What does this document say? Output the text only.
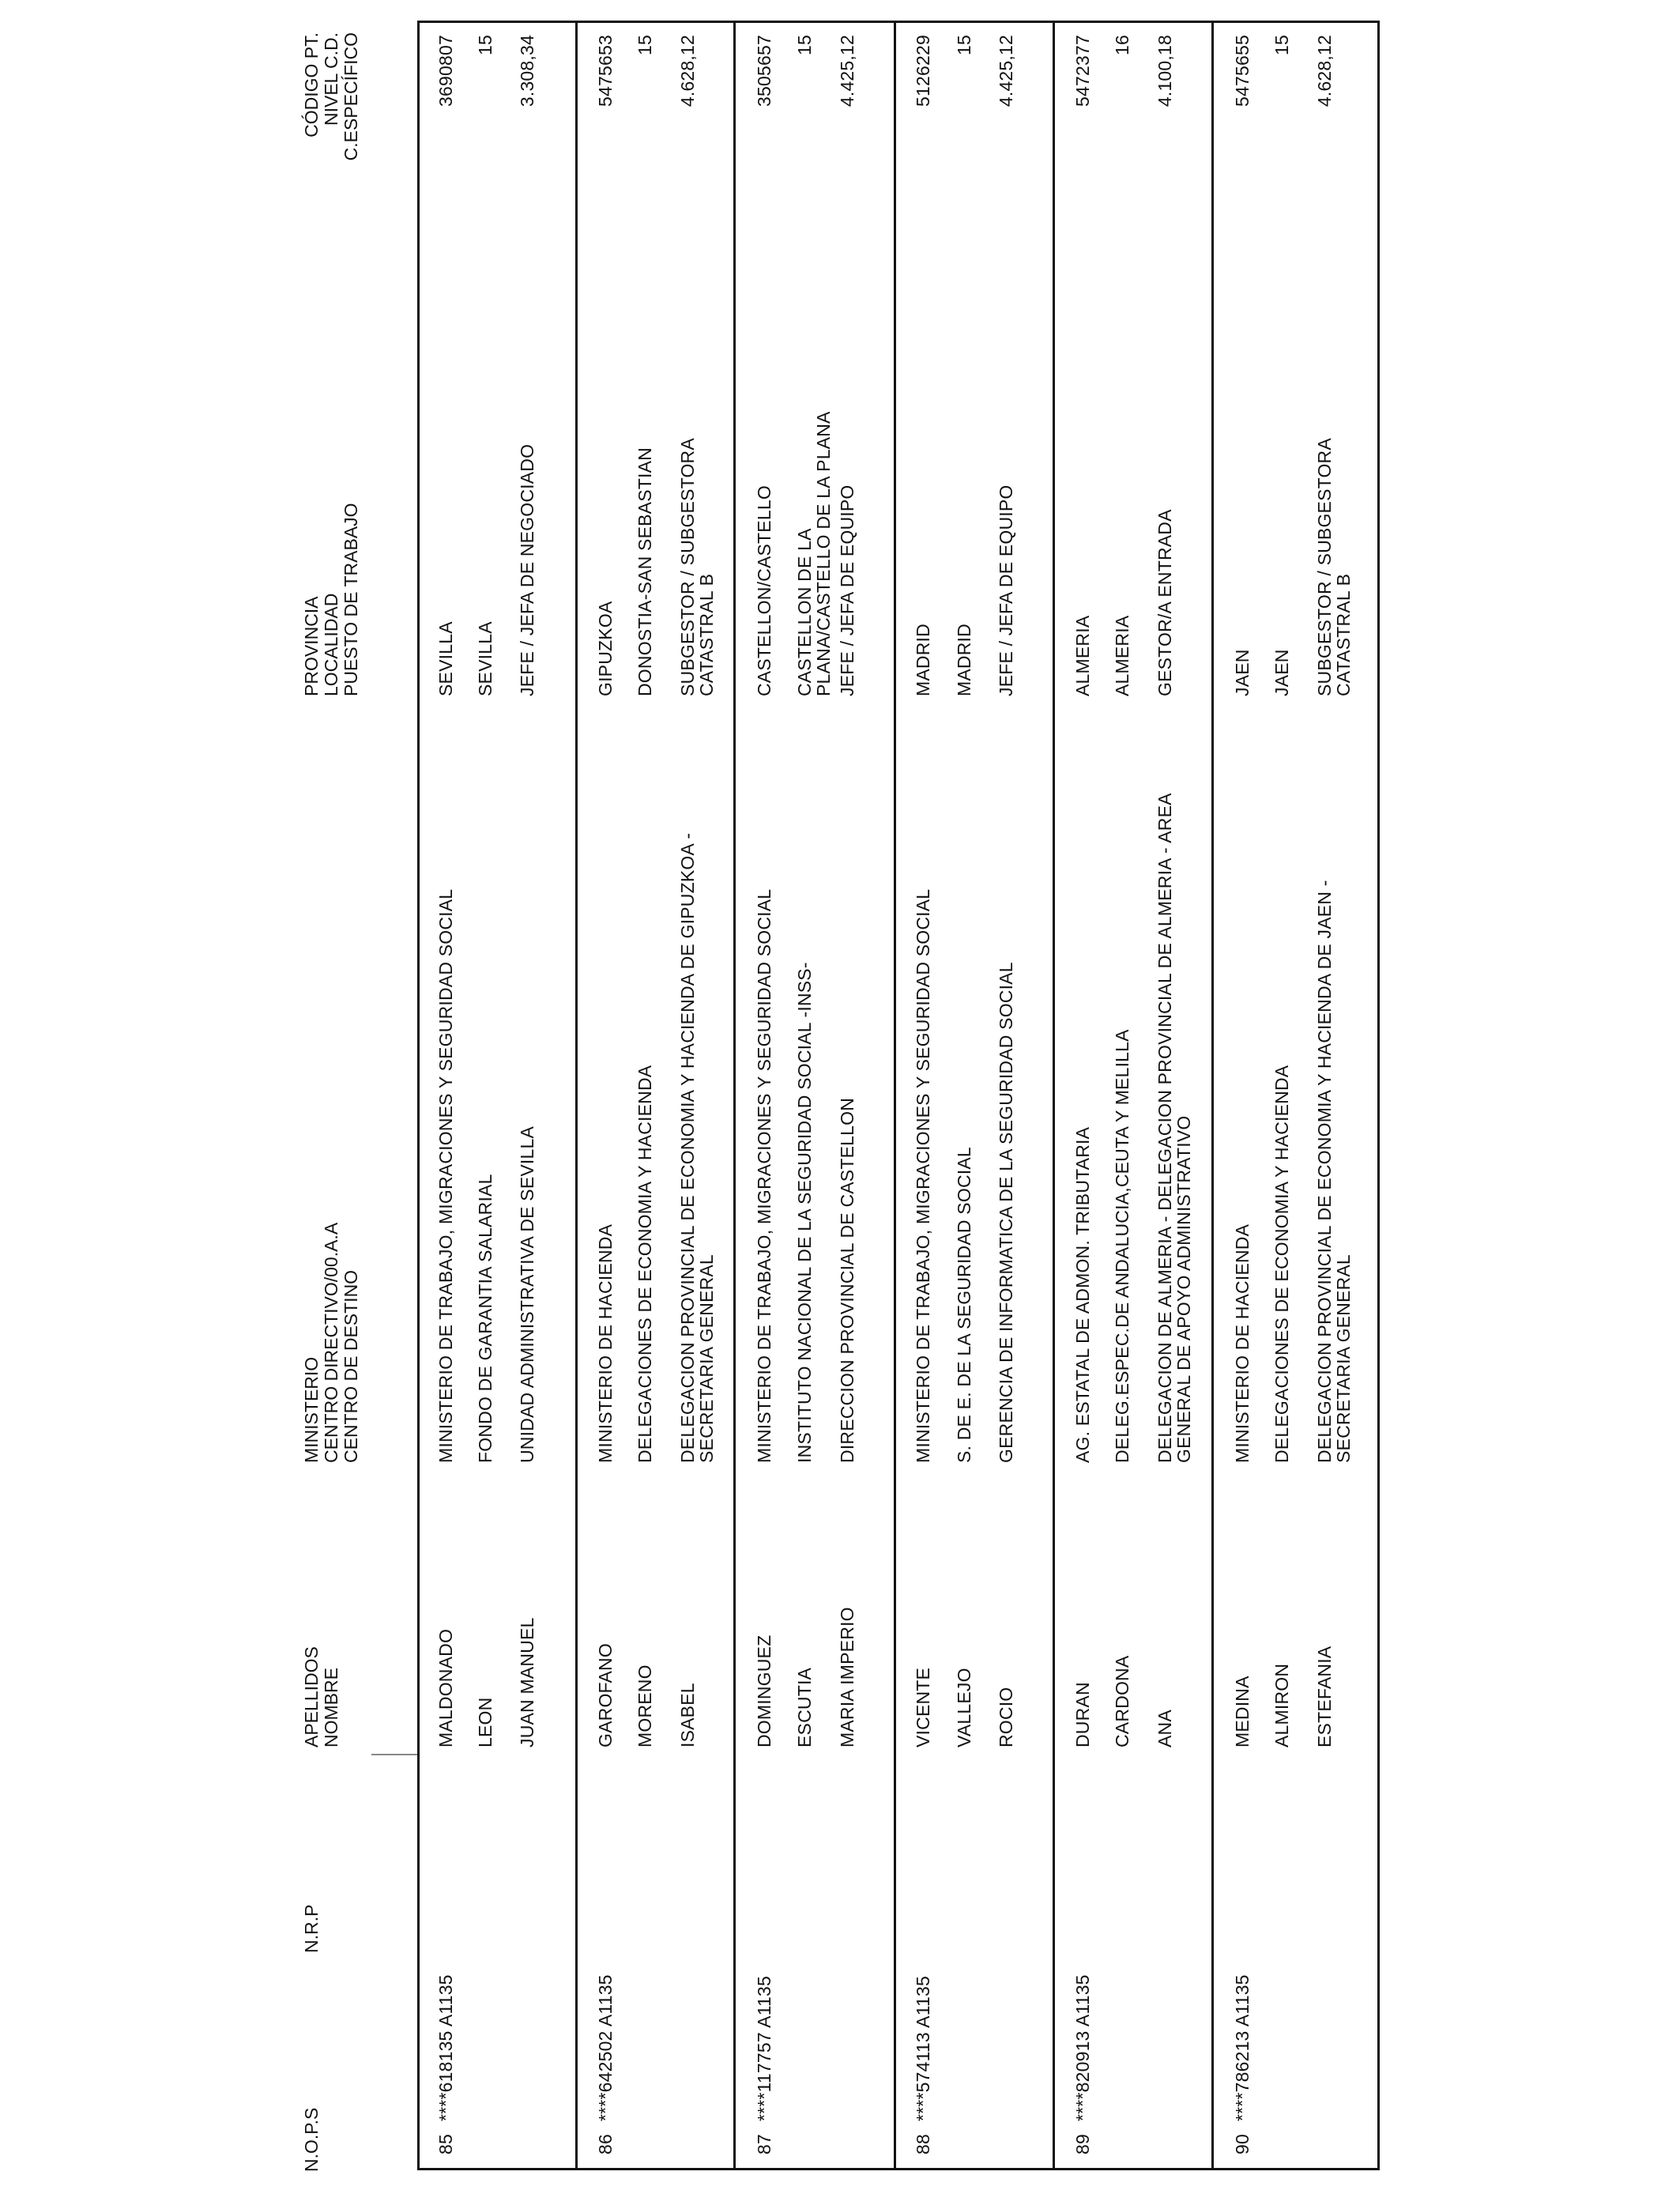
N.O.P.S
N.R.P
APELLIDOS NOMBRE
MINISTERIO CENTRO DIRECTIVO/00.A.A CENTRO DE DESTINO
PROVINCIA LOCALIDAD PUESTO DE TRABAJO
CÓDIGO PT. NIVEL C.D. C.ESPECÍFICO
85
****618135 A1135
MALDONADO LEON JUAN MANUEL
MINISTERIO DE TRABAJO, MIGRACIONES Y SEGURIDAD SOCIAL FONDO DE GARANTIA SALARIAL UNIDAD ADMINISTRATIVA DE SEVILLA
SEVILLA SEVILLA JEFE / JEFA DE NEGOCIADO
3690807 15 3.308,34
86
****642502 A1135
GAROFANO MORENO ISABEL
MINISTERIO DE HACIENDA DELEGACIONES DE ECONOMIA Y HACIENDA DELEGACION PROVINCIAL DE ECONOMIA Y HACIENDA DE GIPUZKOA -
SECRETARIA GENERAL
GIPUZKOA DONOSTIA-SAN SEBASTIAN SUBGESTOR / SUBGESTORA
CATASTRAL B
5475653 15 4.628,12
87
****117757 A1135
DOMINGUEZ ESCUTIA MARIA IMPERIO
MINISTERIO DE TRABAJO, MIGRACIONES Y SEGURIDAD SOCIAL INSTITUTO NACIONAL DE LA SEGURIDAD SOCIAL -INSS- DIRECCION PROVINCIAL DE CASTELLON
CASTELLON/CASTELLO CASTELLON DE LA
PLANA/CASTELLO DE LA PLANA JEFE / JEFA DE EQUIPO
3505657 15 4.425,12
88
****574113 A1135
VICENTE VALLEJO ROCIO
MINISTERIO DE TRABAJO, MIGRACIONES Y SEGURIDAD SOCIAL S. DE E. DE LA SEGURIDAD SOCIAL GERENCIA DE INFORMATICA DE LA SEGURIDAD SOCIAL
MADRID MADRID JEFE / JEFA DE EQUIPO
5126229 15 4.425,12
89
****820913 A1135
DURAN CARDONA ANA
AG. ESTATAL DE ADMON. TRIBUTARIA DELEG.ESPEC.DE ANDALUCIA,CEUTA Y MELILLA DELEGACION DE ALMERIA - DELEGACION PROVINCIAL DE ALMERIA - AREA
GENERAL DE APOYO ADMINISTRATIVO
ALMERIA ALMERIA GESTOR/A ENTRADA
5472377 16 4.100,18
90
****786213 A1135
MEDINA ALMIRON ESTEFANIA
MINISTERIO DE HACIENDA DELEGACIONES DE ECONOMIA Y HACIENDA DELEGACION PROVINCIAL DE ECONOMIA Y HACIENDA DE JAEN -
SECRETARIA GENERAL
JAEN JAEN SUBGESTOR / SUBGESTORA
CATASTRAL B
5475655 15 4.628,12
